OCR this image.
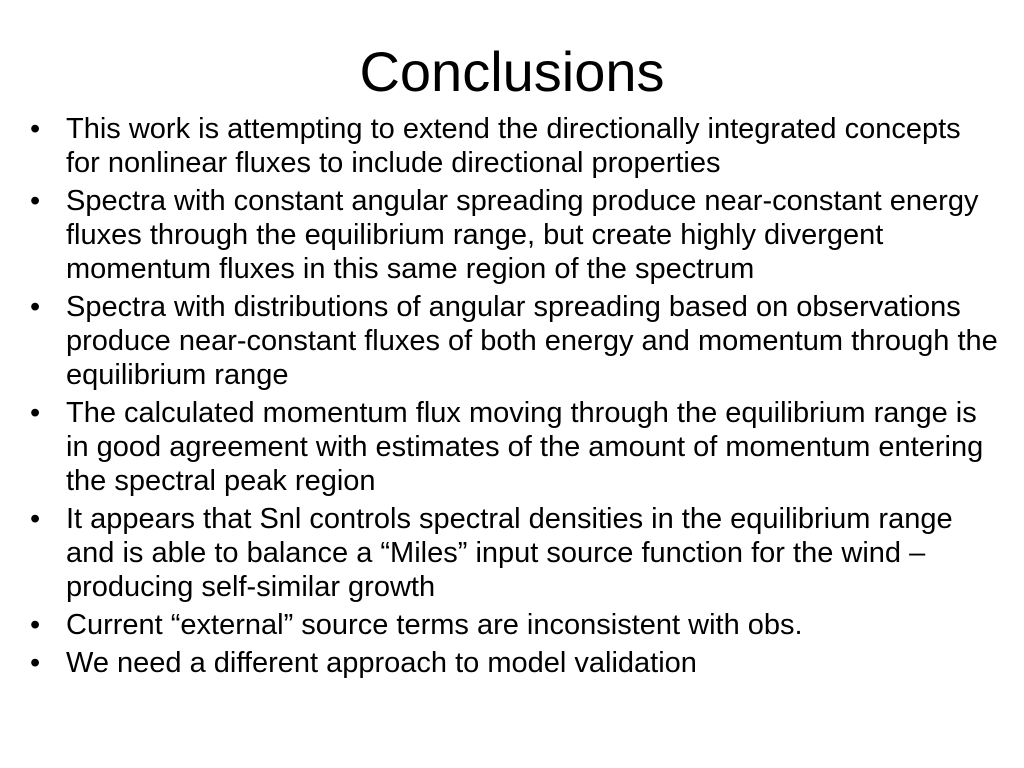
Conclusions
• This work is attempting to extend the directionally integrated concepts for nonlinear fluxes to include directional properties
• Spectra with constant angular spreading produce near-constant energy fluxes through the equilibrium range, but create highly divergent momentum fluxes in this same region of the spectrum
• Spectra with distributions of angular spreading based on observations produce near-constant fluxes of both energy and momentum through the equilibrium range
• The calculated momentum flux moving through the equilibrium range is in good agreement with estimates of the amount of momentum entering the spectral peak region
• It appears that Snl controls spectral densities in the equilibrium range and is able to balance a “Miles” input source function for the wind – producing self-similar growth
• Current “external” source terms are inconsistent with obs.
• We need a different approach to model validation
